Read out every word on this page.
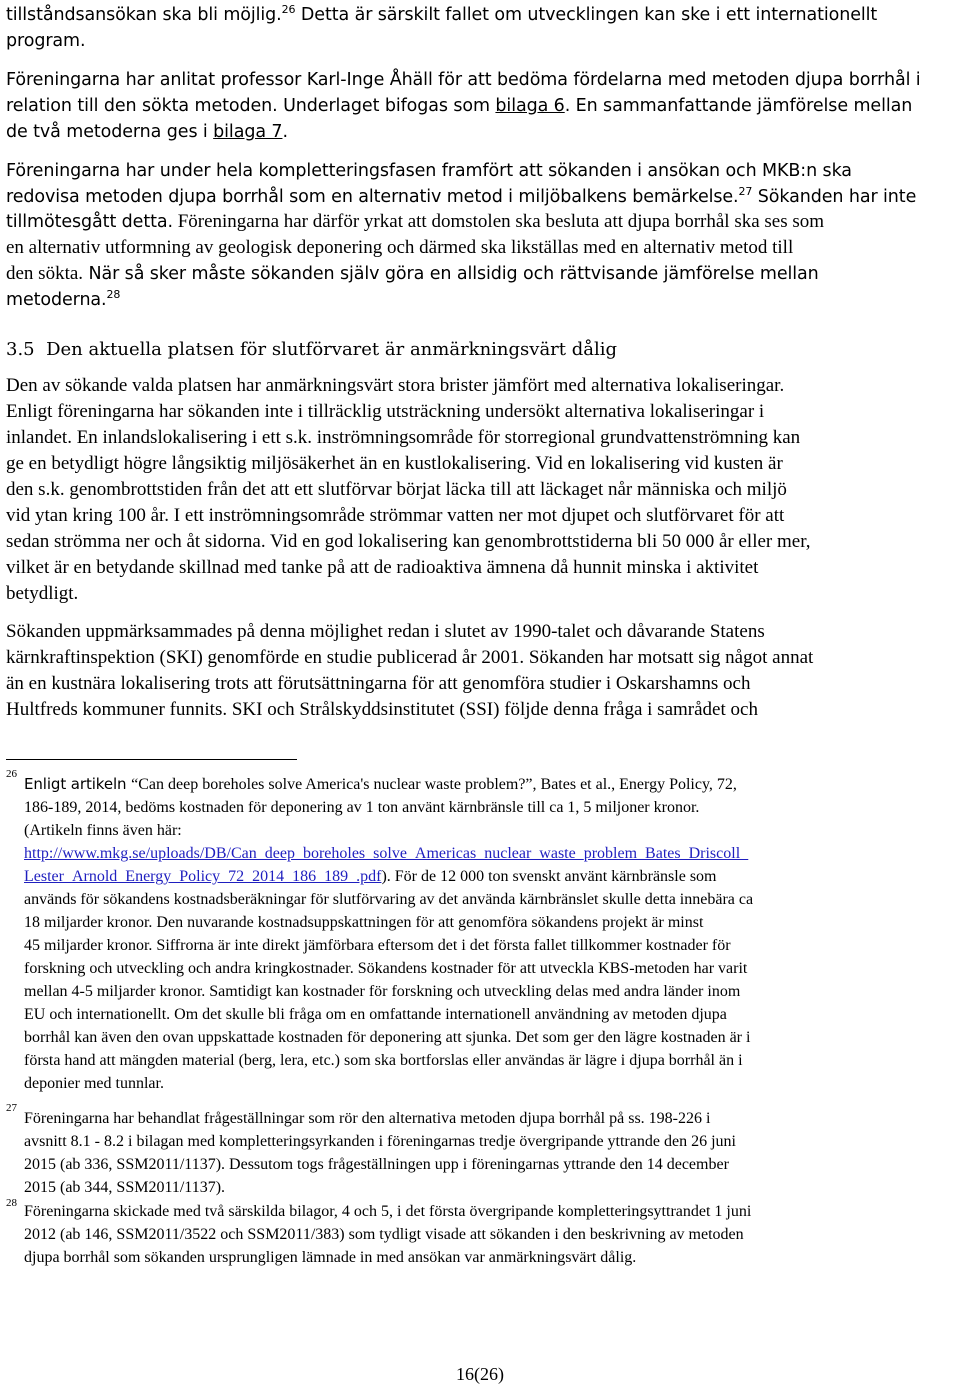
tillståndsansökan ska bli möjlig.$^{26}$ Detta är särskilt fallet om utvecklingen kan ske i ett internationellt
program.
Föreningarna har anlitat professor Karl-Inge Åhäll för att bedöma fördelarna med metoden djupa borrhål i
relation till den sökta metoden. Underlaget bifogas som bilaga 6. En sammanfattande jämförelse mellan
de två metoderna ges i bilaga 7.
Föreningarna har under hela kompletteringsfasen framfört att sökanden i ansökan och MKB:n ska
redovisa metoden djupa borrhål som en alternativ metod i miljöbalkens bemärkelse.$^{27}$ Sökanden har inte
tillmötesgått detta. Föreningarna har därför yrkat att domstolen ska besluta att djupa borrhål ska ses som
en alternativ utformning av geologisk deponering och därmed ska likställas med en alternativ metod till
den sökta. När så sker måste sökanden själv göra en allsidig och rättvisande jämförelse mellan
metoderna.$^{28}$
3.5 Den aktuella platsen för slutförvaret är anmärkningsvärt dålig
Den av sökande valda platsen har anmärkningsvärt stora brister jämfört med alternativa lokaliseringar.
Enligt föreningarna har sökanden inte i tillräcklig utsträckning undersökt alternativa lokaliseringar i
inlandet. En inlandslokalisering i ett s.k. inströmningsområde för storregional grundvattenströmning kan
ge en betydligt högre långsiktig miljösäkerhet än en kustlokalisering. Vid en lokalisering vid kusten är
den s.k. genombrottstiden från det att ett slutförvar börjat läcka till att läckaget når människa och miljö
vid ytan kring 100 år. I ett inströmningsområde strömmar vatten ner mot djupet och slutförvaret för att
sedan strömma ner och åt sidorna. Vid en god lokalisering kan genombrottstiderna bli 50 000 år eller mer,
vilket är en betydande skillnad med tanke på att de radioaktiva ämnena då hunnit minska i aktivitet
betydligt.
Sökanden uppmärksammades på denna möjlighet redan i slutet av 1990-talet och dåvarande Statens
kärnkraftinspektion (SKI) genomförde en studie publicerad år 2001. Sökanden har motsatt sig något annat
än en kustnära lokalisering trots att förutsättningarna för att genomföra studier i Oskarshamns och
Hultfreds kommuner funnits. SKI och Strålskyddsinstitutet (SSI) följde denna fråga i samrådet och
26
Enligt artikeln “Can deep boreholes solve America's nuclear waste problem?”, Bates et al., Energy Policy, 72,
186-189, 2014, bedöms kostnaden för deponering av 1 ton använt kärnbränsle till ca 1, 5 miljoner kronor.
(Artikeln finns även här:
http://www.mkg.se/uploads/DB/Can_deep_boreholes_solve_Americas_nuclear_waste_problem_Bates_Driscoll_
Lester_Arnold_Energy_Policy_72_2014_186_189_.pdf). För de 12 000 ton svenskt använt kärnbränsle som
används för sökandens kostnadsberäkningar för slutförvaring av det använda kärnbränslet skulle detta innebära ca
18 miljarder kronor. Den nuvarande kostnadsuppskattningen för att genomföra sökandens projekt är minst
45 miljarder kronor. Siffrorna är inte direkt jämförbara eftersom det i det första fallet tillkommer kostnader för
forskning och utveckling och andra kringkostnader. Sökandens kostnader för att utveckla KBS-metoden har varit
mellan 4-5 miljarder kronor. Samtidigt kan kostnader för forskning och utveckling delas med andra länder inom
EU och internationellt. Om det skulle bli fråga om en omfattande internationell användning av metoden djupa
borrhål kan även den ovan uppskattade kostnaden för deponering att sjunka. Det som ger den lägre kostnaden är i
första hand att mängden material (berg, lera, etc.) som ska bortforslas eller användas är lägre i djupa borrhål än i
deponier med tunnlar.
27
Föreningarna har behandlat frågeställningar som rör den alternativa metoden djupa borrhål på ss. 198-226 i
avsnitt 8.1 - 8.2 i bilagan med kompletteringsyrkanden i föreningarnas tredje övergripande yttrande den 26 juni
2015 (ab 336, SSM2011/1137). Dessutom togs frågeställningen upp i föreningarnas yttrande den 14 december
2015 (ab 344, SSM2011/1137).
28 Föreningarna skickade med två särskilda bilagor, 4 och 5, i det första övergripande kompletteringsyttrandet 1 juni
2012 (ab 146, SSM2011/3522 och SSM2011/383) som tydligt visade att sökanden i den beskrivning av metoden
djupa borrhål som sökanden ursprungligen lämnade in med ansökan var anmärkningsvärt dålig.
16(26)
